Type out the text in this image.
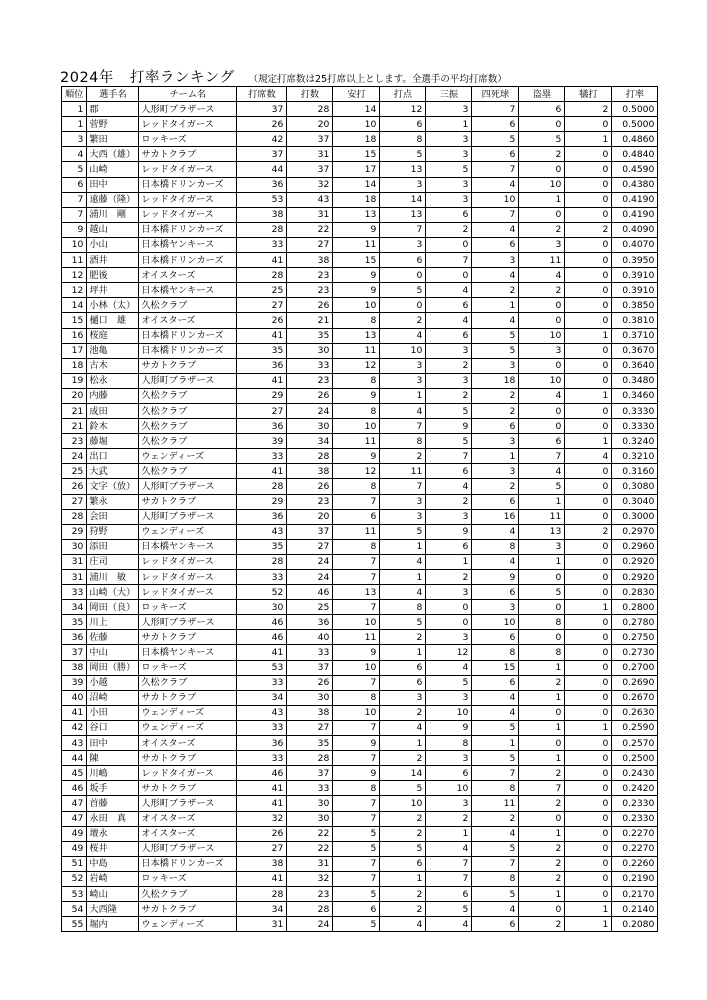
2024年 打率ランキング （規定打席数は25打席以上とします。全選手の平均打席数）
順位	選手名	チーム名	打席数	打数	安打	打点	三振	四死球	盗塁	犠打	打率
1	郡	人形町ブラザース	37	28	14	12	3	7	6	2	0.5000
1	菅野	レッドタイガース	26	20	10	6	1	6	0	0	0.5000
3	繁田	ロッキーズ	42	37	18	8	3	5	5	1	0.4860
4	大西（雄）	サカトクラブ	37	31	15	5	3	6	2	0	0.4840
5	山崎	レッドタイガース	44	37	17	13	5	7	0	0	0.4590
6	田中	日本橋ドリンカーズ	36	32	14	3	3	4	10	0	0.4380
7	遠藤（隆）	レッドタイガース	53	43	18	14	3	10	1	0	0.4190
7	浦川　剛	レッドタイガース	38	31	13	13	6	7	0	0	0.4190
9	越山	日本橋ドリンカーズ	28	22	9	7	2	4	2	2	0.4090
10	小山	日本橋ヤンキース	33	27	11	3	0	6	3	0	0.4070
11	酒井	日本橋ドリンカーズ	41	38	15	6	7	3	11	0	0.3950
12	肥後	オイスターズ	28	23	9	0	0	4	4	0	0.3910
12	坪井	日本橋ヤンキース	25	23	9	5	4	2	2	0	0.3910
14	小林（太）	久松クラブ	27	26	10	0	6	1	0	0	0.3850
15	樋口　雄	オイスターズ	26	21	8	2	4	4	0	0	0.3810
16	桜庭	日本橋ドリンカーズ	41	35	13	4	6	5	10	1	0.3710
17	池亀	日本橋ドリンカーズ	35	30	11	10	3	5	3	0	0.3670
18	古木	サカトクラブ	36	33	12	3	2	3	0	0	0.3640
19	松永	人形町ブラザース	41	23	8	3	3	18	10	0	0.3480
20	内藤	久松クラブ	29	26	9	1	2	2	4	1	0.3460
21	成田	久松クラブ	27	24	8	4	5	2	0	0	0.3330
21	鈴木	久松クラブ	36	30	10	7	9	6	0	0	0.3330
23	藤堀	久松クラブ	39	34	11	8	5	3	6	1	0.3240
24	出口	ウェンディーズ	33	28	9	2	7	1	7	4	0.3210
25	大武	久松クラブ	41	38	12	11	6	3	4	0	0.3160
26	文字（放）	人形町ブラザース	28	26	8	7	4	2	5	0	0.3080
27	繁永	サカトクラブ	29	23	7	3	2	6	1	0	0.3040
28	会田	人形町ブラザース	36	20	6	3	3	16	11	0	0.3000
29	狩野	ウェンディーズ	43	37	11	5	9	4	13	2	0.2970
30	添田	日本橋ヤンキース	35	27	8	1	6	8	3	0	0.2960
31	庄司	レッドタイガース	28	24	7	4	1	4	1	0	0.2920
31	浦川　敏	レッドタイガース	33	24	7	1	2	9	0	0	0.2920
33	山崎（大）	レッドタイガース	52	46	13	4	3	6	5	0	0.2830
34	岡田（良）	ロッキーズ	30	25	7	8	0	3	0	1	0.2800
35	川上	人形町ブラザース	46	36	10	5	0	10	8	0	0.2780
36	佐藤	サカトクラブ	46	40	11	2	3	6	0	0	0.2750
37	中山	日本橋ヤンキース	41	33	9	1	12	8	8	0	0.2730
38	岡田（勝）	ロッキーズ	53	37	10	6	4	15	1	0	0.2700
39	小越	久松クラブ	33	26	7	6	5	6	2	0	0.2690
40	沼崎	サカトクラブ	34	30	8	3	3	4	1	0	0.2670
41	小田	ウェンディーズ	43	38	10	2	10	4	0	0	0.2630
42	谷口	ウェンディーズ	33	27	7	4	9	5	1	1	0.2590
43	田中	オイスターズ	36	35	9	1	8	1	0	0	0.2570
44	陳	サカトクラブ	33	28	7	2	3	5	1	0	0.2500
45	川嶋	レッドタイガース	46	37	9	14	6	7	2	0	0.2430
46	坂手	サカトクラブ	41	33	8	5	10	8	7	0	0.2420
47	首藤	人形町ブラザース	41	30	7	10	3	11	2	0	0.2330
47	永田　真	オイスターズ	32	30	7	2	2	2	0	0	0.2330
49	壇永	オイスターズ	26	22	5	2	1	4	1	0	0.2270
49	桜井	人形町ブラザース	27	22	5	5	4	5	2	0	0.2270
51	中島	日本橋ドリンカーズ	38	31	7	6	7	7	2	0	0.2260
52	岩崎	ロッキーズ	41	32	7	1	7	8	2	0	0.2190
53	崎山	久松クラブ	28	23	5	2	6	5	1	0	0.2170
54	大西隆	サカトクラブ	34	28	6	2	5	4	0	1	0.2140
55	堀内	ウェンディーズ	31	24	5	4	4	6	2	1	0.2080
